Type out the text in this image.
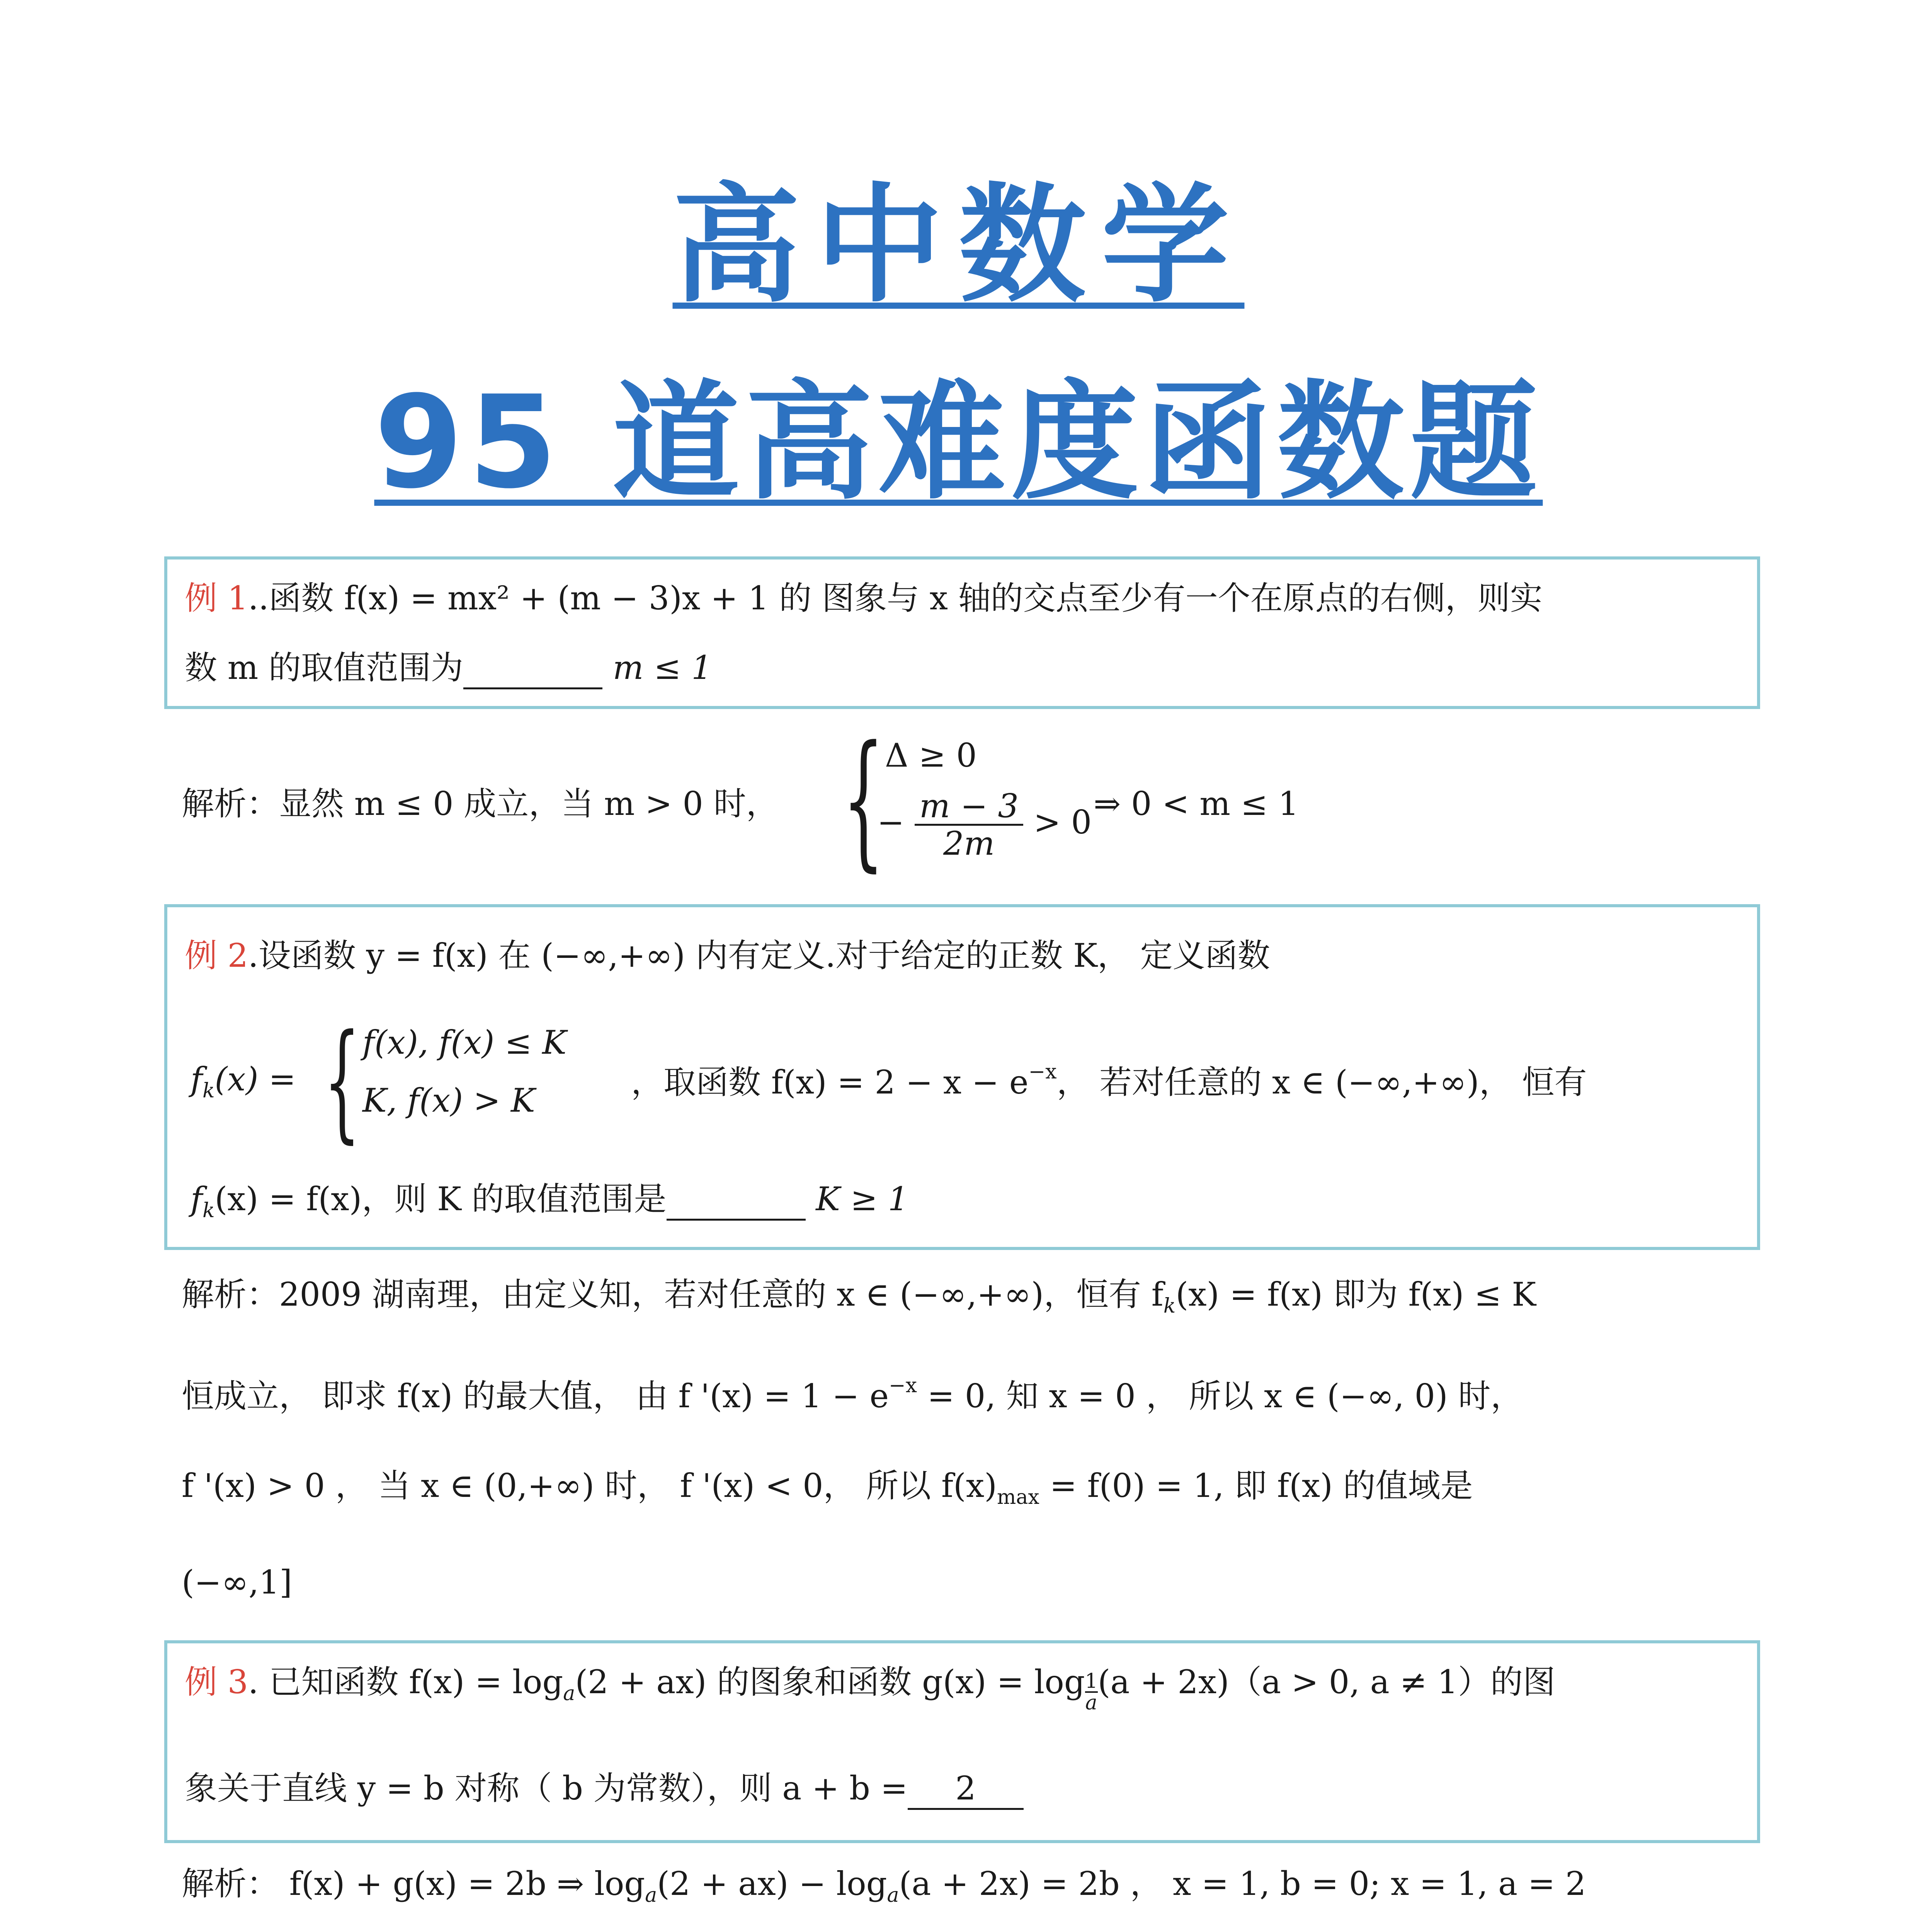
高中数学
95 道高难度函数题
例 1..函数 f(x) = mx² + (m − 3)x + 1 的 图象与 x 轴的交点至少有一个在原点的右侧，则实
数 m 的取值范围为	m ≤ 1
解析：显然 m ≤ 0 成立，当 m > 0 时， { Δ ≥ 0
− $\frac{m - 3}{2m} > 0$ ⇒ 0 < m ≤ 1
例 2.设函数 y = f(x) 在 (−∞,+∞) 内有定义.对于给定的正数 K， 定义函数
$f_k(x)$ = { f(x), f(x) ≤ K
K, f(x) > K	，取函数 $f(x) = 2 - x - e^{-x}$， 若对任意的 x ∈ (−∞,+∞)， 恒有
$f_k(x) = f(x)$，则 K 的取值范围是	K ≥ 1
解析：2009 湖南理，由定义知，若对任意的 x ∈ (−∞,+∞)，恒有 $f_k(x) = f(x)$ 即为 f(x) ≤ K
恒成立， 即求 f(x) 的最大值， 由 f '$(x) = 1 - e^{-x} = 0$, 知 x = 0 ， 所以 x ∈ (−∞, 0) 时，
f '(x) > 0 ， 当 x ∈ (0,+∞) 时， f '(x) < 0， 所以 $f(x)_{max} = f(0) = 1$, 即 f(x) 的值域是
(−∞,1]
例 3. 已知函数 $f(x) = \log_a(2 + ax)$ 的图象和函数 $g(x) = \log \frac{1}{a} (a + 2x)(a > 0$, a ≠ 1）的图
象关于直线 y = b 对称（ b 为常数），则 a + b = 2
解析： f(x) + g(x) = 2b ⇒ $\log_a(2 + ax) - \log_a(a + 2x) = 2b$ ， x = 1, b = 0; x = 1, a = 2
